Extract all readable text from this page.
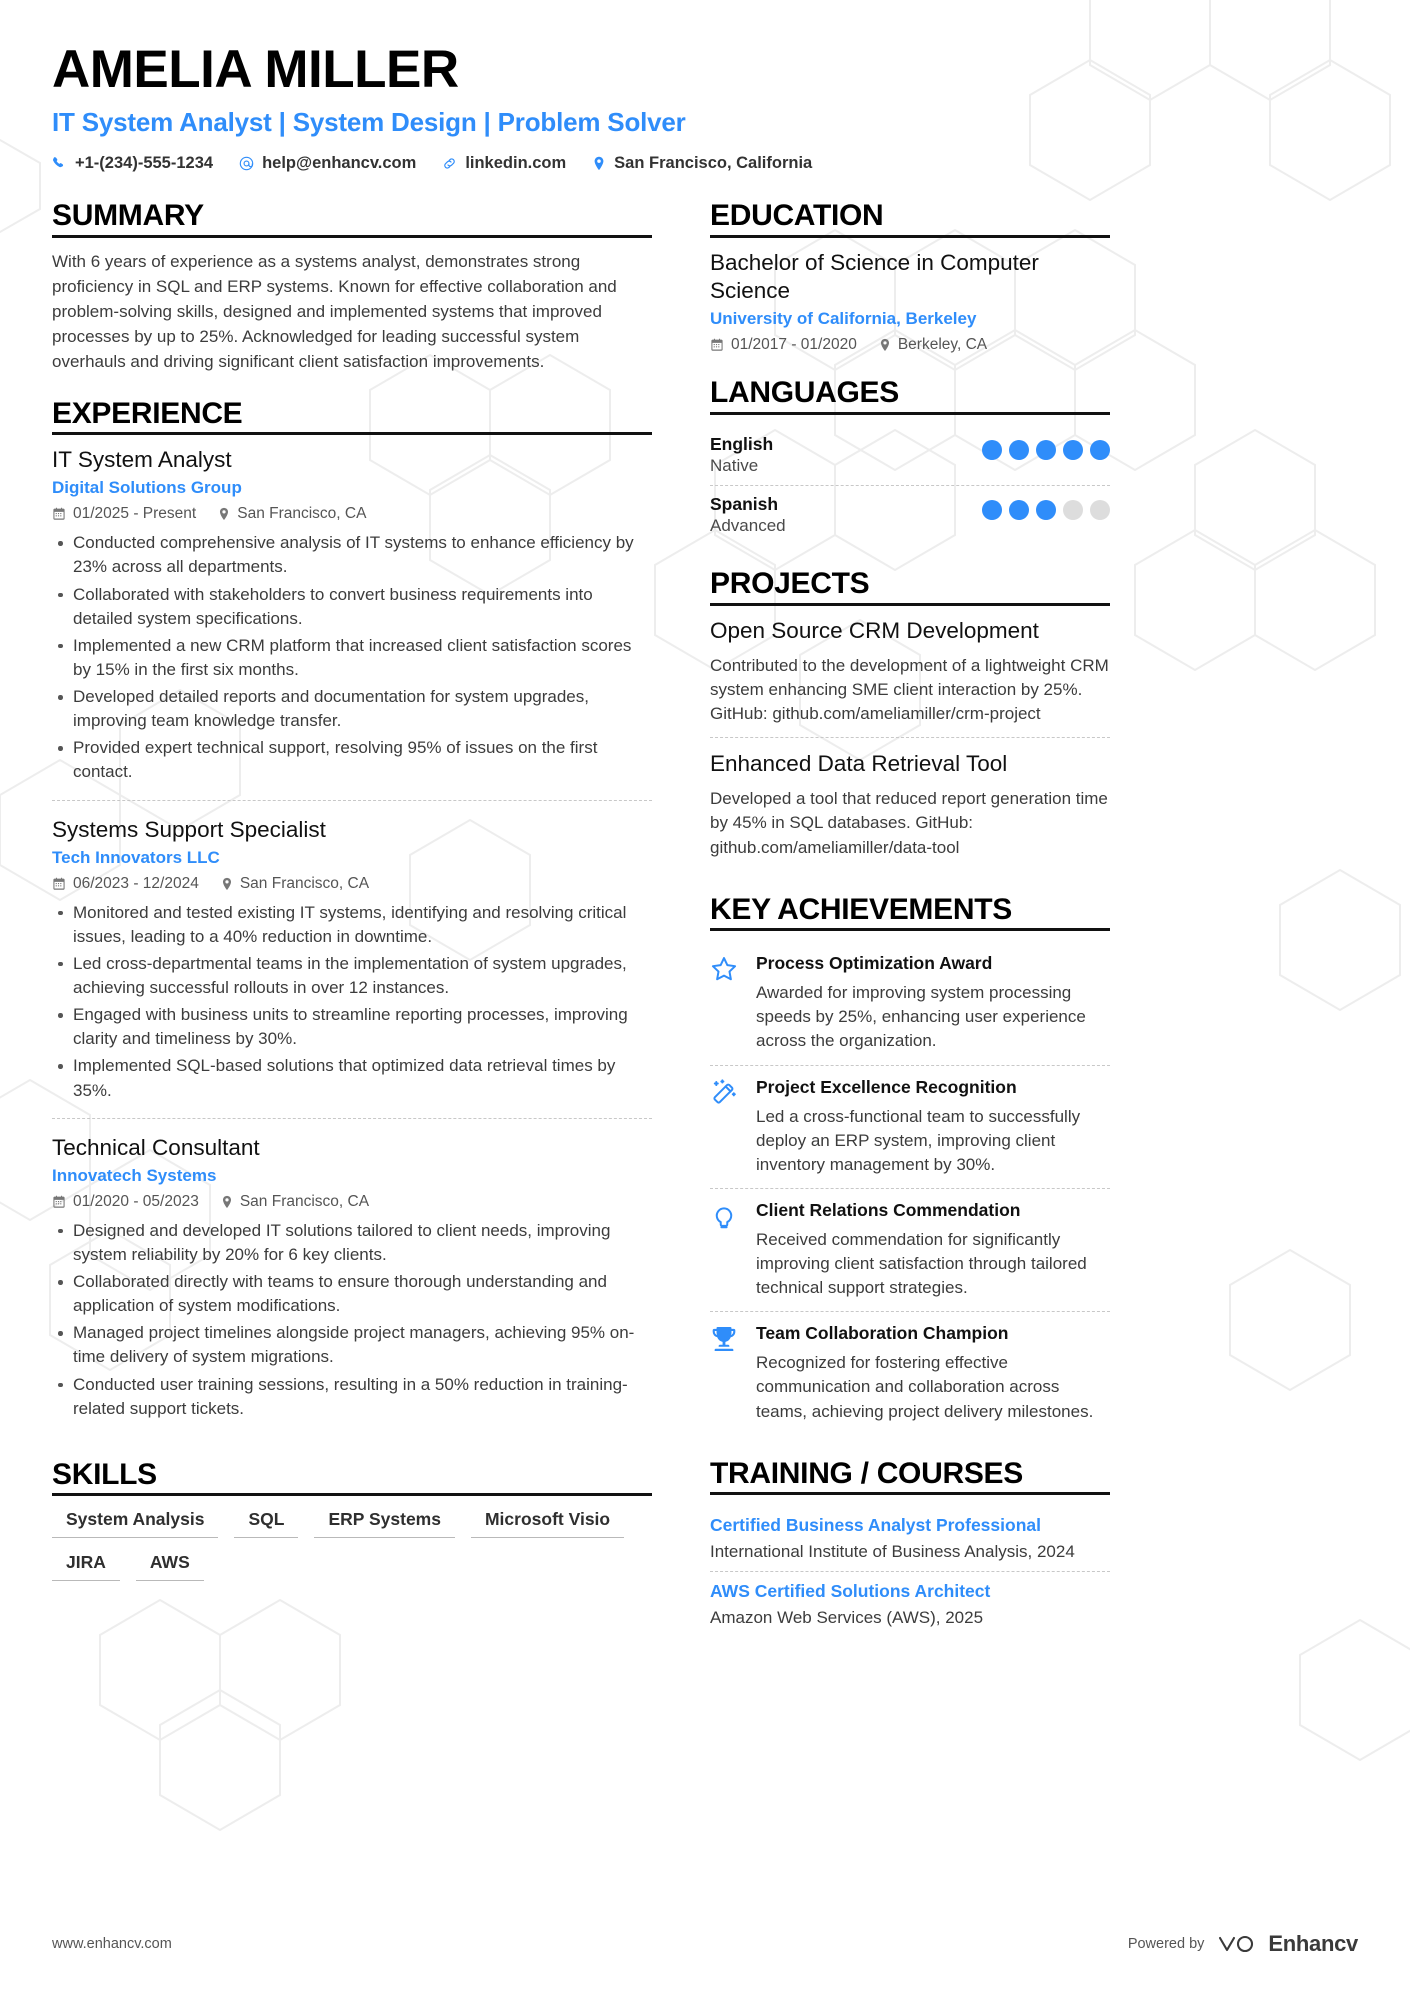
AMELIA MILLER
IT System Analyst | System Design | Problem Solver
+1-(234)-555-1234	help@enhancv.com	linkedin.com	San Francisco, California
SUMMARY
With 6 years of experience as a systems analyst, demonstrates strong proficiency in SQL and ERP systems. Known for effective collaboration and problem-solving skills, designed and implemented systems that improved processes by up to 25%. Acknowledged for leading successful system overhauls and driving significant client satisfaction improvements.
EXPERIENCE
IT System Analyst
Digital Solutions Group
01/2025 - Present	San Francisco, CA
Conducted comprehensive analysis of IT systems to enhance efficiency by 23% across all departments.
Collaborated with stakeholders to convert business requirements into detailed system specifications.
Implemented a new CRM platform that increased client satisfaction scores by 15% in the first six months.
Developed detailed reports and documentation for system upgrades, improving team knowledge transfer.
Provided expert technical support, resolving 95% of issues on the first contact.
Systems Support Specialist
Tech Innovators LLC
06/2023 - 12/2024	San Francisco, CA
Monitored and tested existing IT systems, identifying and resolving critical issues, leading to a 40% reduction in downtime.
Led cross-departmental teams in the implementation of system upgrades, achieving successful rollouts in over 12 instances.
Engaged with business units to streamline reporting processes, improving clarity and timeliness by 30%.
Implemented SQL-based solutions that optimized data retrieval times by 35%.
Technical Consultant
Innovatech Systems
01/2020 - 05/2023	San Francisco, CA
Designed and developed IT solutions tailored to client needs, improving system reliability by 20% for 6 key clients.
Collaborated directly with teams to ensure thorough understanding and application of system modifications.
Managed project timelines alongside project managers, achieving 95% on-time delivery of system migrations.
Conducted user training sessions, resulting in a 50% reduction in training-related support tickets.
SKILLS
System Analysis	SQL	ERP Systems	Microsoft Visio
JIRA	AWS
EDUCATION
Bachelor of Science in Computer Science
University of California, Berkeley
01/2017 - 01/2020	Berkeley, CA
LANGUAGES
English
Native
Spanish
Advanced
PROJECTS
Open Source CRM Development
Contributed to the development of a lightweight CRM system enhancing SME client interaction by 25%. GitHub: github.com/ameliamiller/crm-project
Enhanced Data Retrieval Tool
Developed a tool that reduced report generation time by 45% in SQL databases. GitHub: github.com/ameliamiller/data-tool
KEY ACHIEVEMENTS
Process Optimization Award
Awarded for improving system processing speeds by 25%, enhancing user experience across the organization.
Project Excellence Recognition
Led a cross-functional team to successfully deploy an ERP system, improving client inventory management by 30%.
Client Relations Commendation
Received commendation for significantly improving client satisfaction through tailored technical support strategies.
Team Collaboration Champion
Recognized for fostering effective communication and collaboration across teams, achieving project delivery milestones.
TRAINING / COURSES
Certified Business Analyst Professional
International Institute of Business Analysis, 2024
AWS Certified Solutions Architect
Amazon Web Services (AWS), 2025
www.enhancv.com	Powered by	Enhancv
